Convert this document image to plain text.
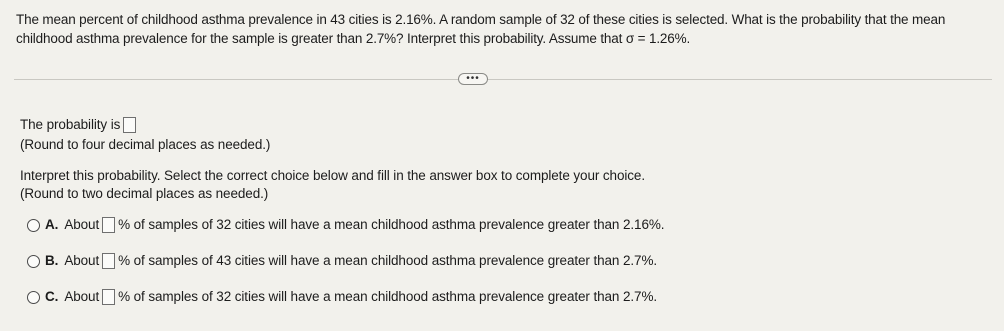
The mean percent of childhood asthma prevalence in 43 cities is 2.16%. A random sample of 32 of these cities is selected. What is the probability that the mean childhood asthma prevalence for the sample is greater than 2.7%? Interpret this probability. Assume that σ = 1.26%.
•••
The probability is
(Round to four decimal places as needed.)
Interpret this probability. Select the correct choice below and fill in the answer box to complete your choice.
(Round to two decimal places as needed.)
A. About % of samples of 32 cities will have a mean childhood asthma prevalence greater than 2.16%.
B. About % of samples of 43 cities will have a mean childhood asthma prevalence greater than 2.7%.
C. About % of samples of 32 cities will have a mean childhood asthma prevalence greater than 2.7%.
